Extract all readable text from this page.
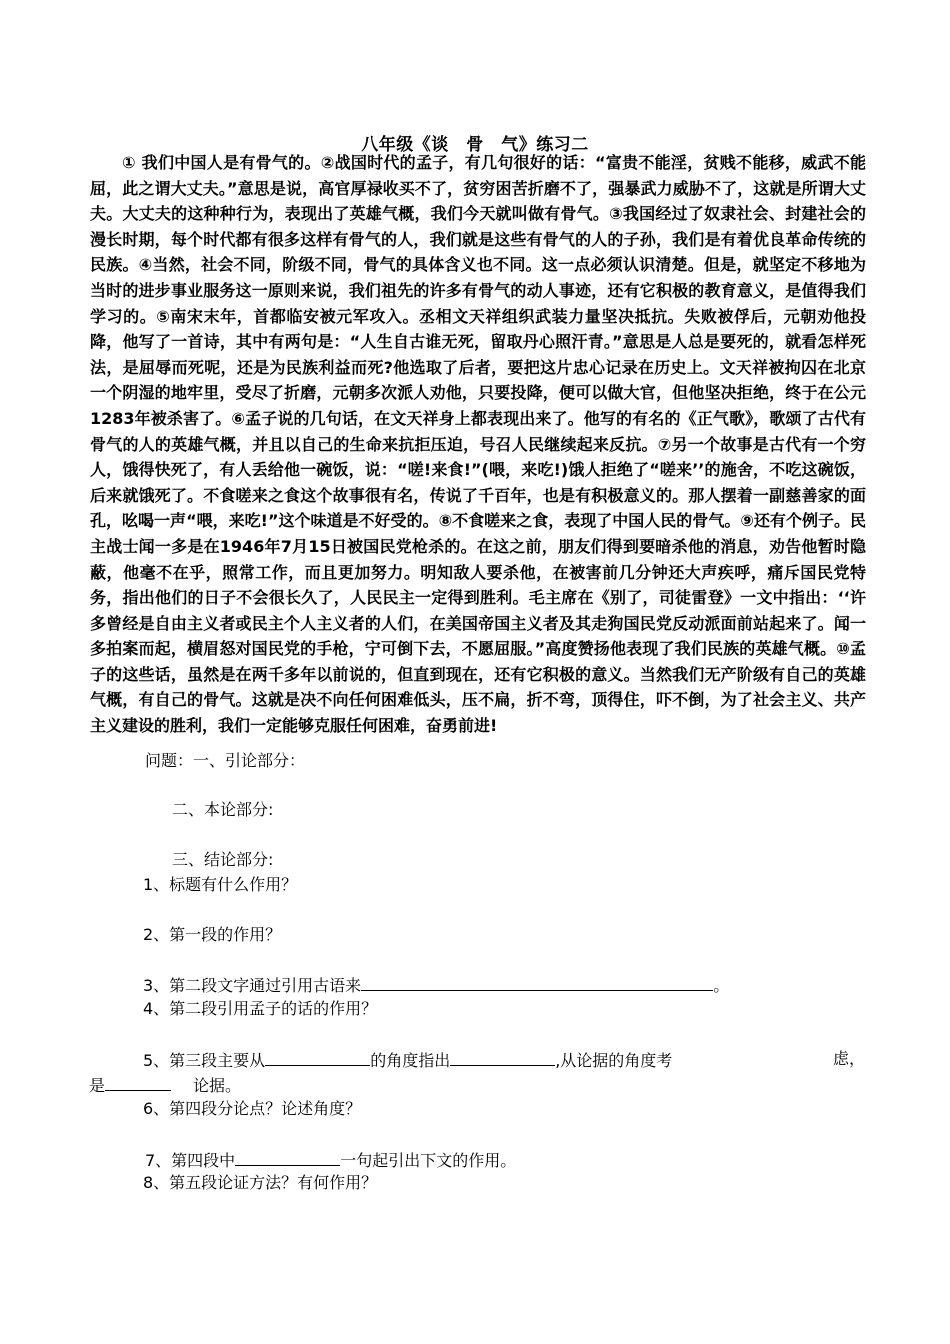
八年级《谈　骨　气》练习二

① 我们中国人是有骨气的。②战国时代的孟子，有几句很好的话：“富贵不能淫，贫贱不能移，威武不能屈，此之谓大丈夫。”意思是说，高官厚禄收买不了，贫穷困苦折磨不了，强暴武力威胁不了，这就是所谓大丈夫。大丈夫的这种种行为，表现出了英雄气概，我们今天就叫做有骨气。③我国经过了奴隶社会、封建社会的漫长时期，每个时代都有很多这样有骨气的人，我们就是这些有骨气的人的子孙，我们是有着优良革命传统的民族。④当然，社会不同，阶级不同，骨气的具体含义也不同。这一点必须认识清楚。但是，就坚定不移地为当时的进步事业服务这一原则来说，我们祖先的许多有骨气的动人事迹，还有它积极的教育意义，是值得我们学习的。⑤南宋末年，首都临安被元军攻入。丞相文天祥组织武装力量坚决抵抗。失败被俘后，元朝劝他投降，他写了一首诗，其中有两句是：“人生自古谁无死，留取丹心照汗青。”意思是人总是要死的，就看怎样死法，是屈辱而死呢，还是为民族利益而死?他选取了后者，要把这片忠心记录在历史上。文天祥被拘囚在北京一个阴湿的地牢里，受尽了折磨，元朝多次派人劝他，只要投降，便可以做大官，但他坚决拒绝，终于在公元1283年被杀害了。⑥孟子说的几句话，在文天祥身上都表现出来了。他写的有名的《正气歌》，歌颂了古代有骨气的人的英雄气概，并且以自己的生命来抗拒压迫，号召人民继续起来反抗。⑦另一个故事是古代有一个穷人，饿得快死了，有人丢给他一碗饭，说：“嗟!来食!”(喂，来吃!)饿人拒绝了“嗟来’’的施舍，不吃这碗饭，后来就饿死了。不食嗟来之食这个故事很有名，传说了千百年，也是有积极意义的。那人摆着一副慈善家的面孔，吆喝一声“喂，来吃!”这个味道是不好受的。⑧不食嗟来之食，表现了中国人民的骨气。⑨还有个例子。民主战士闻一多是在1946年7月15日被国民党枪杀的。在这之前，朋友们得到要暗杀他的消息，劝告他暂时隐蔽，他毫不在乎，照常工作，而且更加努力。明知敌人要杀他，在被害前几分钟还大声疾呼，痛斥国民党特务，指出他们的日子不会很长久了，人民民主一定得到胜利。毛主席在《别了，司徒雷登》一文中指出：‘‘许多曾经是自由主义者或民主个人主义者的人们，在美国帝国主义者及其走狗国民党反动派面前站起来了。闻一多拍案而起，横眉怒对国民党的手枪，宁可倒下去，不愿屈服。”高度赞扬他表现了我们民族的英雄气概。⑩孟子的这些话，虽然是在两千多年以前说的，但直到现在，还有它积极的意义。当然我们无产阶级有自己的英雄气概，有自己的骨气。这就是决不向任何困难低头，压不扁，折不弯，顶得住，吓不倒，为了社会主义、共产主义建设的胜利，我们一定能够克服任何困难，奋勇前进!

问题：一、引论部分：
二、本论部分:
三、结论部分:
1、标题有什么作用？
2、第一段的作用？
3、第二段文字通过引用古语来	。
4、第二段引用孟子的话的作用？
5、第三段主要从	的角度指出	,从论据的角度考	虑，
是	论据。
6、第四段分论点？论述角度？
7、第四段中	一句起引出下文的作用。
8、第五段论证方法？有何作用？
